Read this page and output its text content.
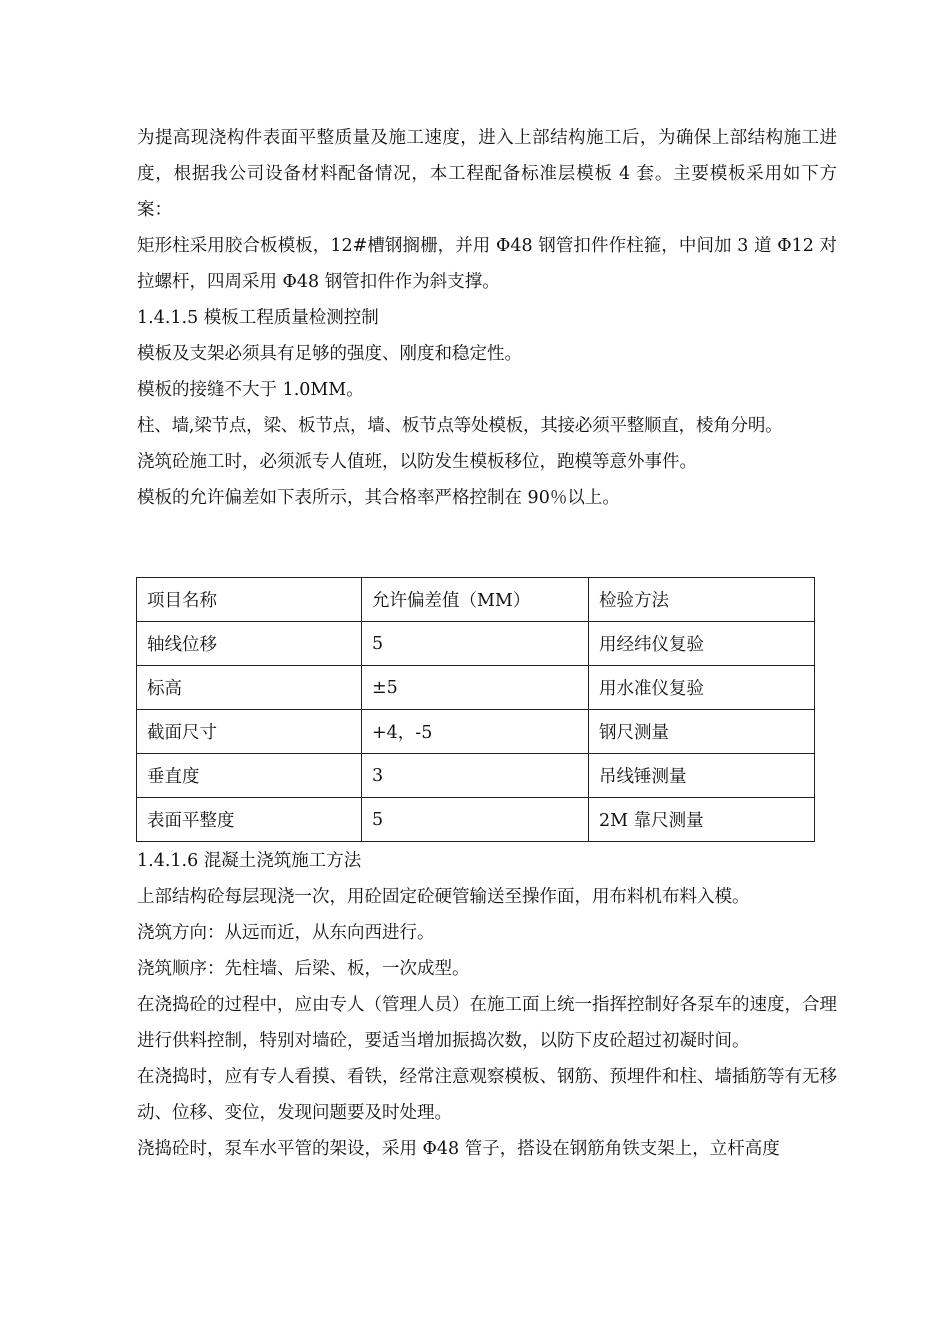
为提高现浇构件表面平整质量及施工速度，进入上部结构施工后，为确保上部结构施工进度，根据我公司设备材料配备情况，本工程配备标准层模板 4 套。主要模板采用如下方案：

矩形柱采用胶合板模板，12#槽钢搁栅，并用 Φ48 钢管扣件作柱箍，中间加 3 道 Φ12 对拉螺杆，四周采用 Φ48 钢管扣件作为斜支撑。

1.4.1.5 模板工程质量检测控制

模板及支架必须具有足够的强度、刚度和稳定性。

模板的接缝不大于 1.0MM。

柱、墙,梁节点，梁、板节点，墙、板节点等处模板，其接必须平整顺直，棱角分明。

浇筑砼施工时，必须派专人值班，以防发生模板移位，跑模等意外事件。

模板的允许偏差如下表所示，其合格率严格控制在 90％以上。

项目名称	允许偏差值（MM）	检验方法
轴线位移	5	用经纬仪复验
标高	±5	用水准仪复验
截面尺寸	+4，-5	钢尺测量
垂直度	3	吊线锤测量
表面平整度	5	2M 靠尺测量

1.4.1.6 混凝土浇筑施工方法

上部结构砼每层现浇一次，用砼固定砼硬管输送至操作面，用布料机布料入模。

浇筑方向：从远而近，从东向西进行。

浇筑顺序：先柱墙、后梁、板，一次成型。

在浇捣砼的过程中，应由专人（管理人员）在施工面上统一指挥控制好各泵车的速度，合理进行供料控制，特别对墙砼，要适当增加振捣次数，以防下皮砼超过初凝时间。

在浇捣时，应有专人看摸、看铁，经常注意观察模板、钢筋、预埋件和柱、墙插筋等有无移动、位移、变位，发现问题要及时处理。

浇捣砼时，泵车水平管的架设，采用 Φ48 管子，搭设在钢筋角铁支架上，立杆高度
